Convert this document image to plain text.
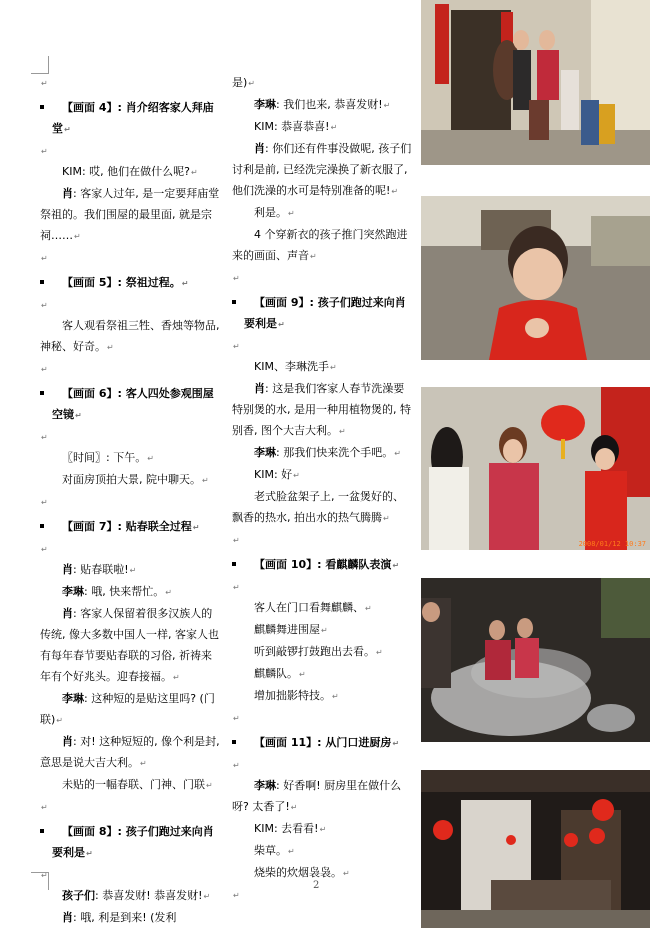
↵
【画面 4】: 肖介绍客家人拜庙堂↵
↵
KIM: 哎, 他们在做什么呢?↵
肖: 客家人过年, 是一定要拜庙堂祭祖的。我们围屋的最里面, 就是宗祠……↵
↵
【画面 5】: 祭祖过程。↵
↵
客人观看祭祖三牲、香烛等物品, 神秘、好奇。↵
↵
【画面 6】: 客人四处参观围屋空镜↵
↵
〖时间〗: 下午。↵
对面房顶拍大景, 院中聊天。↵
↵
【画面 7】: 贴春联全过程↵
↵
肖: 贴春联啦!↵
李琳: 哦, 快来帮忙。↵
肖: 客家人保留着很多汉族人的传统, 像大多数中国人一样, 客家人也有每年春节要贴春联的习俗, 祈祷来年有个好兆头。迎春接福。↵
李琳: 这种短的是贴这里吗? (门联)↵
肖: 对! 这种短短的, 像个利是封, 意思是说大吉大利。↵
未贴的一幅春联、门神、门联↵
↵
【画面 8】: 孩子们跑过来向肖要利是↵
↵
孩子们: 恭喜发财! 恭喜发财!↵
肖: 哦, 利是到来! (发利
是)↵
李琳: 我们也来, 恭喜发财!↵
KIM: 恭喜恭喜!↵
肖: 你们还有件事没做呢, 孩子们讨利是前, 已经洗完澡换了新衣服了, 他们洗澡的水可是特别准备的呢!↵
利是。↵
4 个穿新衣的孩子推门突然跑进来的画面、声音↵
↵
【画面 9】: 孩子们跑过来向肖要利是↵
↵
KIM、李琳洗手↵
肖: 这是我们客家人春节洗澡要特别煲的水, 是用一种用植物煲的, 特别香, 图个大吉大利。↵
李琳: 那我们快来洗个手吧。↵
KIM: 好↵
老式脸盆架子上, 一盆煲好的、飘香的热水, 拍出水的热气腾腾↵
↵
【画面 10】: 看麒麟队表演↵
↵
客人在门口看舞麒麟、↵
麒麟舞进围屋↵
听到敲锣打鼓跑出去看。↵
麒麟队。↵
增加拙影特技。↵
↵
【画面 11】: 从门口进厨房↵
↵
李琳: 好香啊! 厨房里在做什么呀? 太香了!↵
KIM: 去看看!↵
柴草。↵
烧柴的炊烟袅袅。↵
↵
2
2008/01/12 10:37
